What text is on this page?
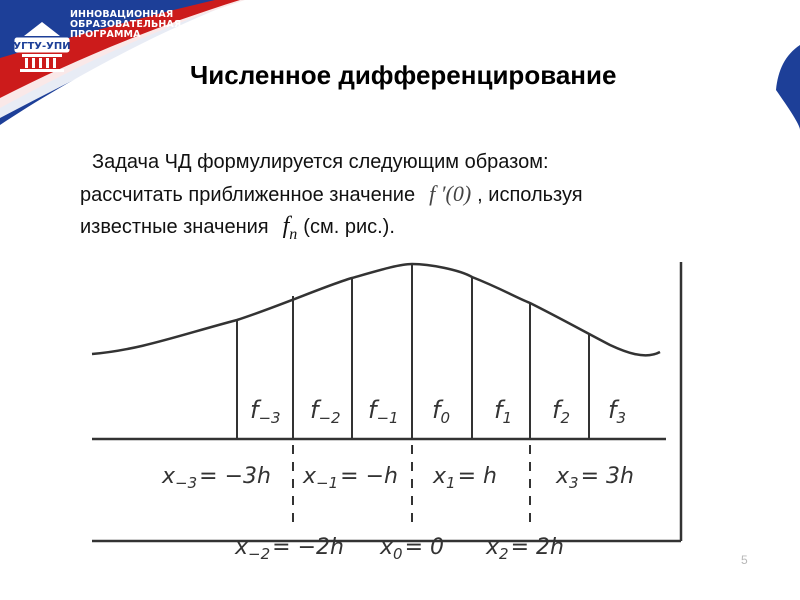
УГТУ-УПИ
ИННОВАЦИОННАЯ
ОБРАЗОВАТЕЛЬНАЯ
ПРОГРАММА
Численное дифференцирование
Задача ЧД формулируется следующим образом:
рассчитать приближенное значение f ′(0) , используя
известные значения $f_n$ (см. рис.).
$f_{-3}$ $f_{-2}$ $f_{-1}$ $f_0$ $f_1$ $f_2$ $f_3$
$x_{-3}= -3h$ $x_{-1}= -h$ $x_1= h$	$x_3= 3h$
$x_{-2}= -2h$ $x_0= 0$ $x_2= 2h$	5
